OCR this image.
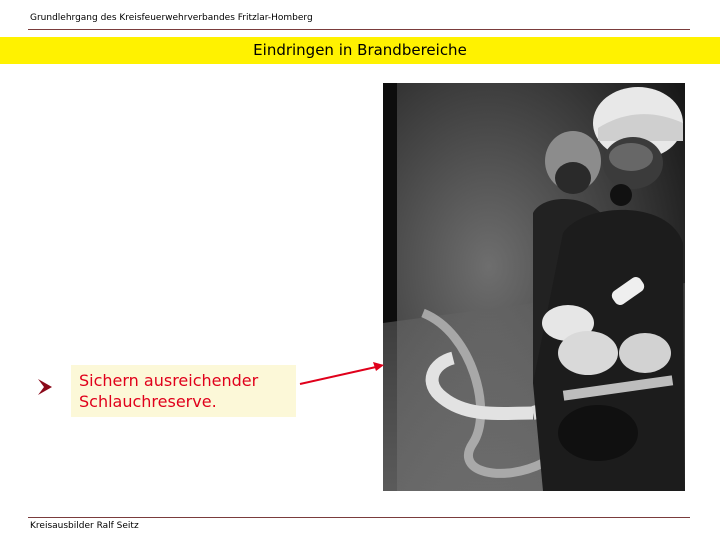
Grundlehrgang des Kreisfeuerwehrverbandes Fritzlar-Homberg
Eindringen in Brandbereiche
Sichern ausreichender
Schlauchreserve.
Kreisausbilder Ralf Seitz
